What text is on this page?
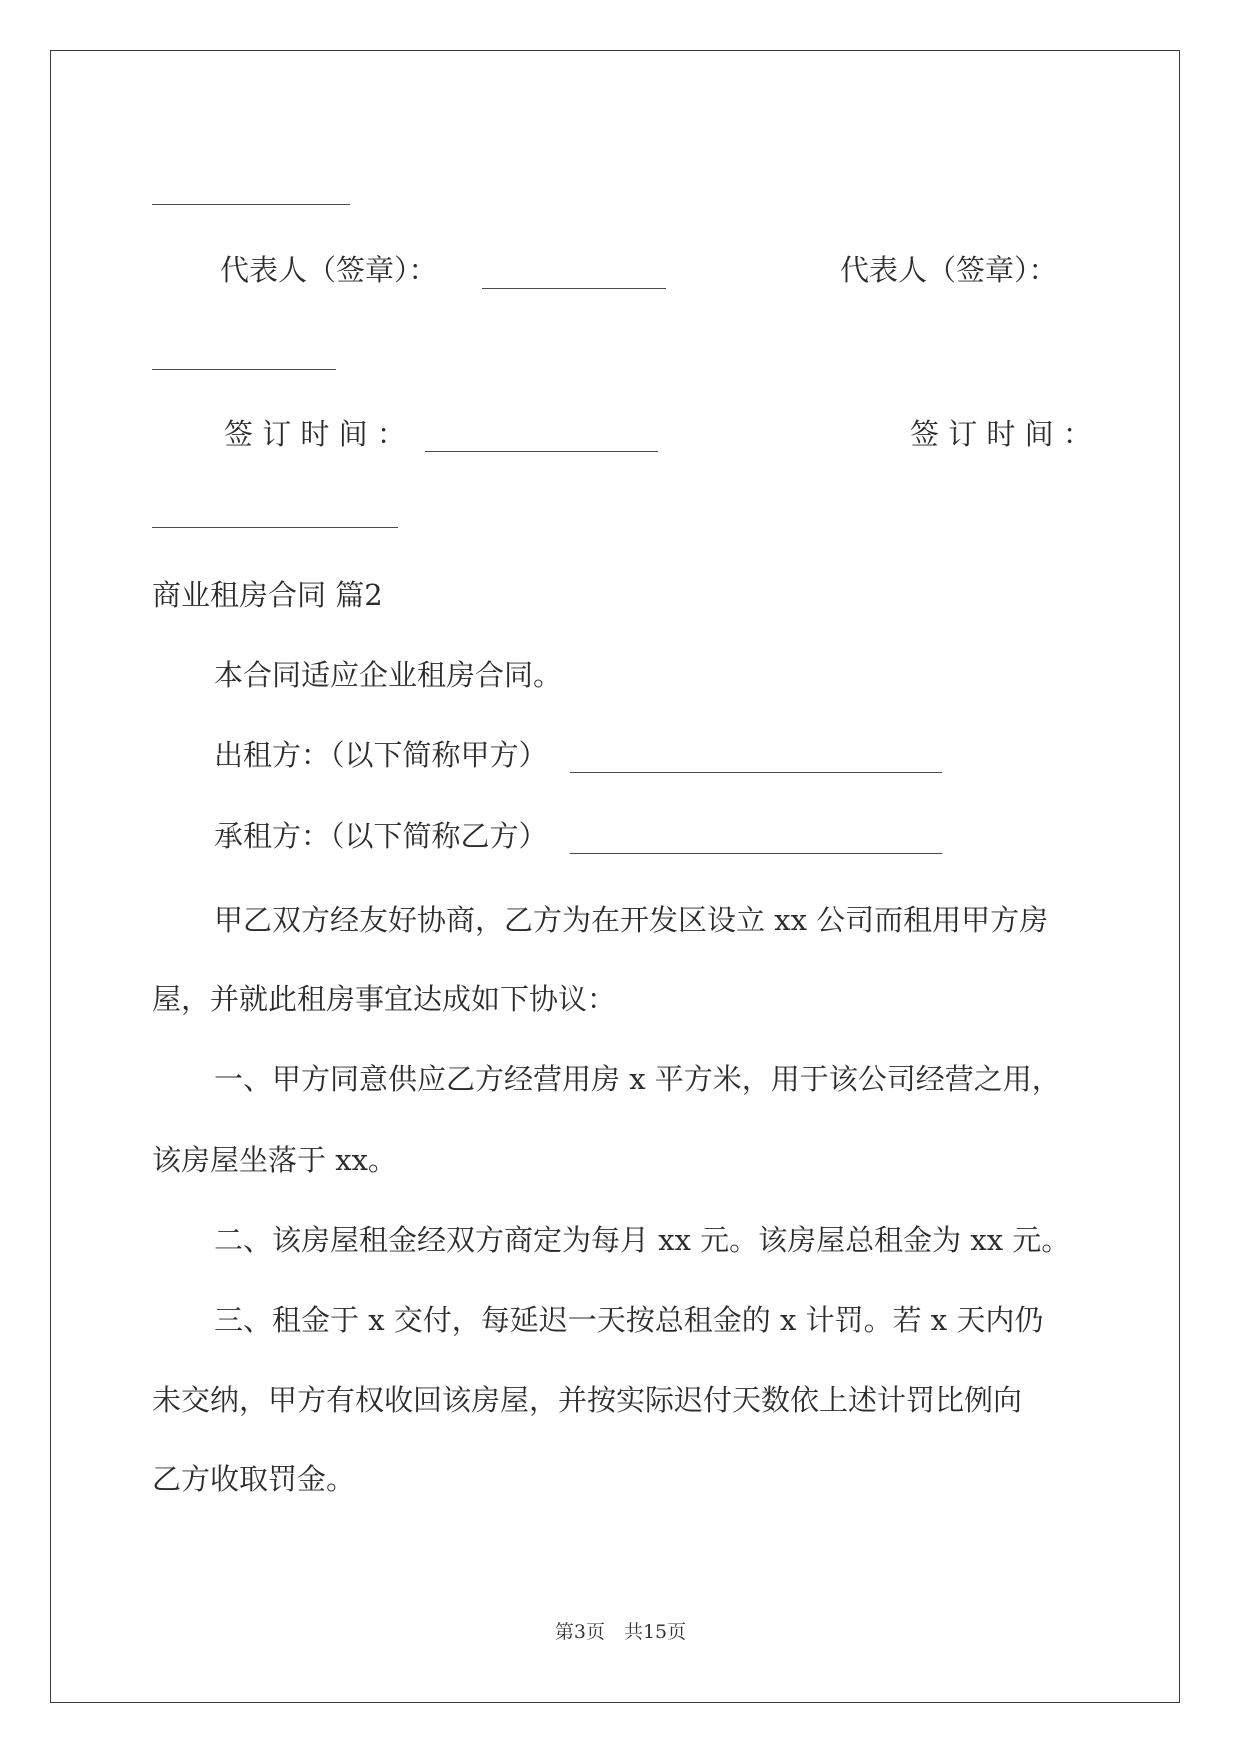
代表人（签章）：	代表人（签章）：

签 订 时 间 ：	签 订 时 间 ：

商业租房合同 篇2

本合同适应企业租房合同。

出租方：（以下简称甲方）

承租方：（以下简称乙方）

甲乙双方经友好协商，乙方为在开发区设立 xx 公司而租用甲方房

屋，并就此租房事宜达成如下协议：

一、甲方同意供应乙方经营用房 x 平方米，用于该公司经营之用，

该房屋坐落于 xx。

二、该房屋租金经双方商定为每月 xx 元。该房屋总租金为 xx 元。

三、租金于 x 交付，每延迟一天按总租金的 x 计罚。若 x 天内仍

未交纳，甲方有权收回该房屋，并按实际迟付天数依上述计罚比例向

乙方收取罚金。

第3页　共15页
